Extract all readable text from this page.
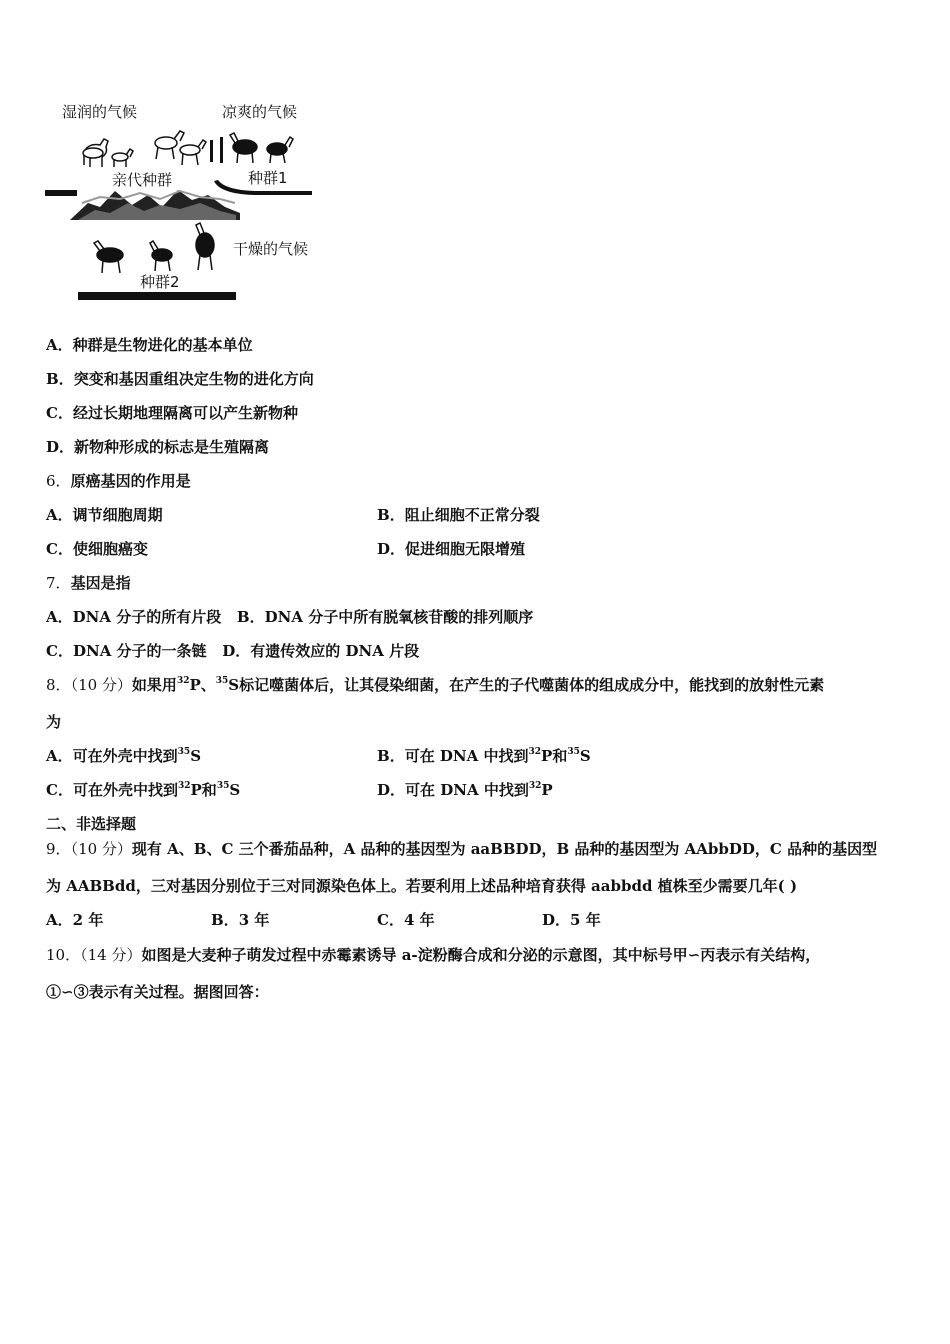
湿润的气候	凉爽的气候
亲代种群	种群1
干燥的气候
种群2
A．种群是生物进化的基本单位
B．突变和基因重组决定生物的进化方向
C．经过长期地理隔离可以产生新物种
D．新物种形成的标志是生殖隔离
6．原癌基因的作用是
A．调节细胞周期	B．阻止细胞不正常分裂
C．使细胞癌变	D．促进细胞无限增殖
7．基因是指
A．DNA 分子的所有片段 B．DNA 分子中所有脱氧核苷酸的排列顺序
C．DNA 分子的一条链 D．有遗传效应的 DNA 片段
8．（10 分）如果用$^{32}$P、$^{35}$S标记噬菌体后，让其侵染细菌，在产生的子代噬菌体的组成成分中，能找到的放射性元素
为
A．可在外壳中找到$^{35}$S	B．可在 DNA 中找到$^{32}$P和$^{35}$S
C．可在外壳中找到$^{32}$P和$^{35}$S	D．可在 DNA 中找到$^{32}$P
二、非选择题
9．（10 分）现有 A、B、C 三个番茄品种，A 品种的基因型为 aaBBDD，B 品种的基因型为 AAbbDD，C 品种的基因型
为 AABBdd，三对基因分别位于三对同源染色体上。若要利用上述品种培育获得 aabbdd 植株至少需要几年( )
A．2 年	B．3 年	C．4 年	D．5 年
10．（14 分）如图是大麦种子萌发过程中赤霉素诱导 a-淀粉酶合成和分泌的示意图，其中标号甲∽丙表示有关结构，
①∽③表示有关过程。据图回答：
